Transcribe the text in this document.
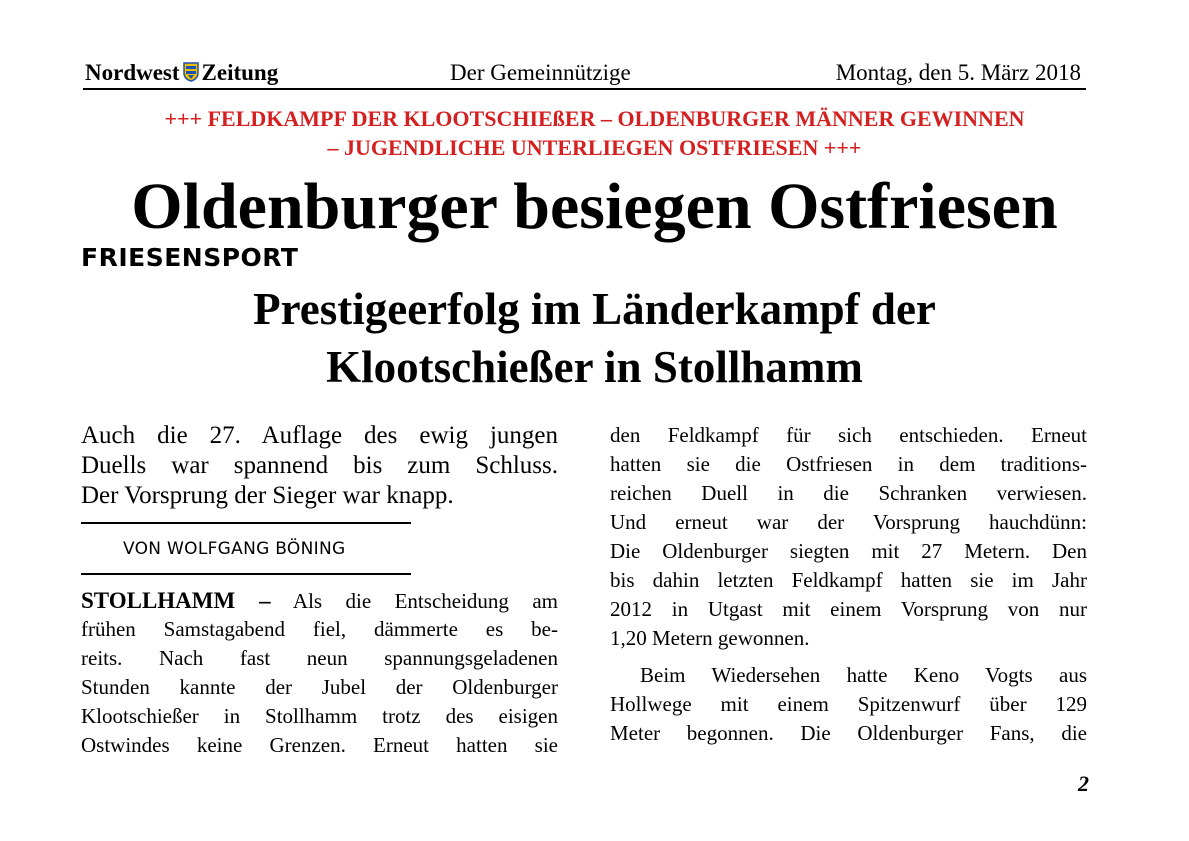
Nordwest Zeitung	Der Gemeinnützige	Montag, den 5. März 2018
+++ FELDKAMPF DER KLOOTSCHIEßER – OLDENBURGER MÄNNER GEWINNEN
– JUGENDLICHE UNTERLIEGEN OSTFRIESEN +++
Oldenburger besiegen Ostfriesen
FRIESENSPORT
Prestigeerfolg im Länderkampf der
Klootschießer in Stollhamm
Auch die 27. Auflage des ewig jungen
Duells war spannend bis zum Schluss.
Der Vorsprung der Sieger war knapp.
VON WOLFGANG BÖNING
STOLLHAMM – Als die Entscheidung am
frühen Samstagabend fiel, dämmerte es be-
reits. Nach fast neun spannungsgeladenen
Stunden kannte der Jubel der Oldenburger
Klootschießer in Stollhamm trotz des eisigen
Ostwindes keine Grenzen. Erneut hatten sie
den Feldkampf für sich entschieden. Erneut
hatten sie die Ostfriesen in dem traditions-
reichen Duell in die Schranken verwiesen.
Und erneut war der Vorsprung hauchdünn:
Die Oldenburger siegten mit 27 Metern. Den
bis dahin letzten Feldkampf hatten sie im Jahr
2012 in Utgast mit einem Vorsprung von nur
1,20 Metern gewonnen.
Beim Wiedersehen hatte Keno Vogts aus
Hollwege mit einem Spitzenwurf über 129
Meter begonnen. Die Oldenburger Fans, die
2
